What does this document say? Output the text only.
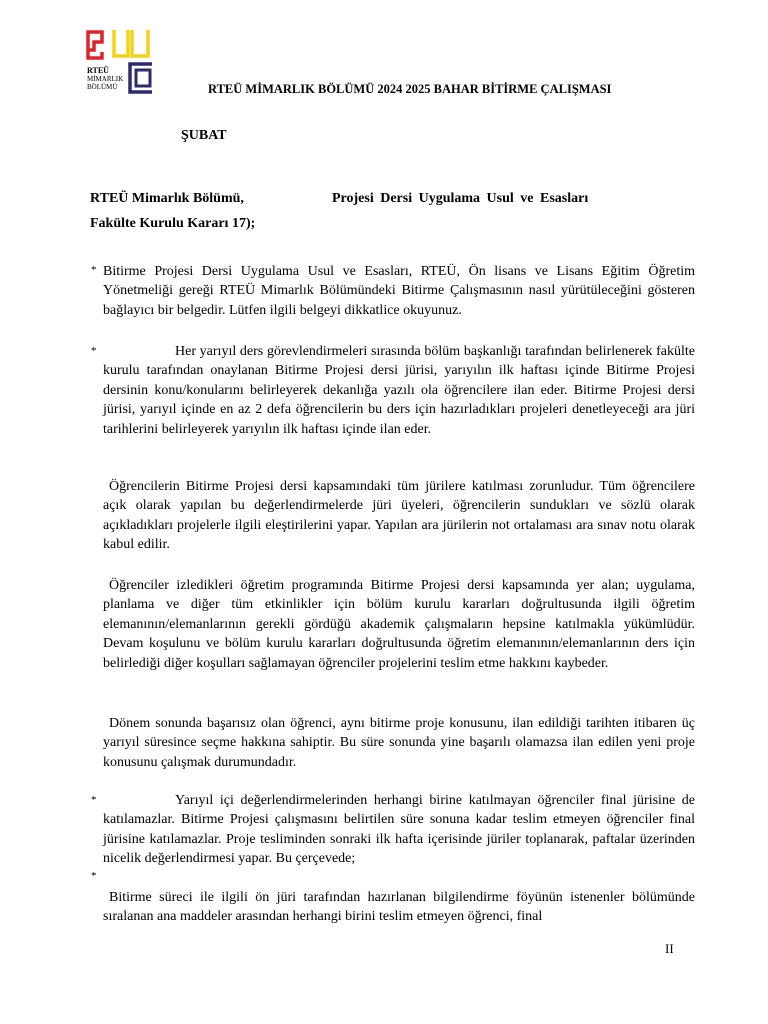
RTEÜ
MİMARLIK
BÖLÜMÜ	RTEÜ MİMARLIK BÖLÜMÜ 2024 2025 BAHAR BİTİRME ÇALIŞMASI
ŞUBAT
RTEÜ Mimarlık Bölümü,	Projesi Dersi Uygulama Usul ve Esasları
Fakülte Kurulu Kararı 17);
* Bitirme Projesi Dersi Uygulama Usul ve Esasları, RTEÜ, Ön lisans ve Lisans Eğitim Öğretim Yönetmeliği gereği RTEÜ Mimarlık Bölümündeki Bitirme Çalışmasının nasıl yürütüleceğini gösteren bağlayıcı bir belgedir. Lütfen ilgili belgeyi dikkatlice okuyunuz.
*	Her yarıyıl ders görevlendirmeleri sırasında bölüm başkanlığı tarafından belirlenerek fakülte kurulu tarafından onaylanan Bitirme Projesi dersi jürisi, yarıyılın ilk haftası içinde Bitirme Projesi dersinin konu/konularını belirleyerek dekanlığa yazılı ola öğrencilere ilan eder. Bitirme Projesi dersi jürisi, yarıyıl içinde en az 2 defa öğrencilerin bu ders için hazırladıkları projeleri denetleyeceği ara jüri tarihlerini belirleyerek yarıyılın ilk haftası içinde ilan eder.
Öğrencilerin Bitirme Projesi dersi kapsamındaki tüm jürilere katılması zorunludur. Tüm öğrencilere açık olarak yapılan bu değerlendirmelerde jüri üyeleri, öğrencilerin sundukları ve sözlü olarak açıkladıkları projelerle ilgili eleştirilerini yapar. Yapılan ara jürilerin not ortalaması ara sınav notu olarak kabul edilir.
Öğrenciler izledikleri öğretim programında Bitirme Projesi dersi kapsamında yer alan; uygulama, planlama ve diğer tüm etkinlikler için bölüm kurulu kararları doğrultusunda ilgili öğretim elemanının/elemanlarının gerekli gördüğü akademik çalışmaların hepsine katılmakla yükümlüdür. Devam koşulunu ve bölüm kurulu kararları doğrultusunda öğretim elemanının/elemanlarının ders için belirlediği diğer koşulları sağlamayan öğrenciler projelerini teslim etme hakkını kaybeder.
Dönem sonunda başarısız olan öğrenci, aynı bitirme proje konusunu, ilan edildiği tarihten itibaren üç yarıyıl süresince seçme hakkına sahiptir. Bu süre sonunda yine başarılı olamazsa ilan edilen yeni proje konusunu çalışmak durumundadır.
*	Yarıyıl içi değerlendirmelerinden herhangi birine katılmayan öğrenciler final jürisine de katılamazlar. Bitirme Projesi çalışmasını belirtilen süre sonuna kadar teslim etmeyen öğrenciler final jürisine katılamazlar. Proje tesliminden sonraki ilk hafta içerisinde jüriler toplanarak, paftalar üzerinden nicelik değerlendirmesi yapar. Bu çerçevede;
*
Bitirme süreci ile ilgili ön jüri tarafından hazırlanan bilgilendirme föyünün istenenler bölümünde sıralanan ana maddeler arasından herhangi birini teslim etmeyen öğrenci, final
II
